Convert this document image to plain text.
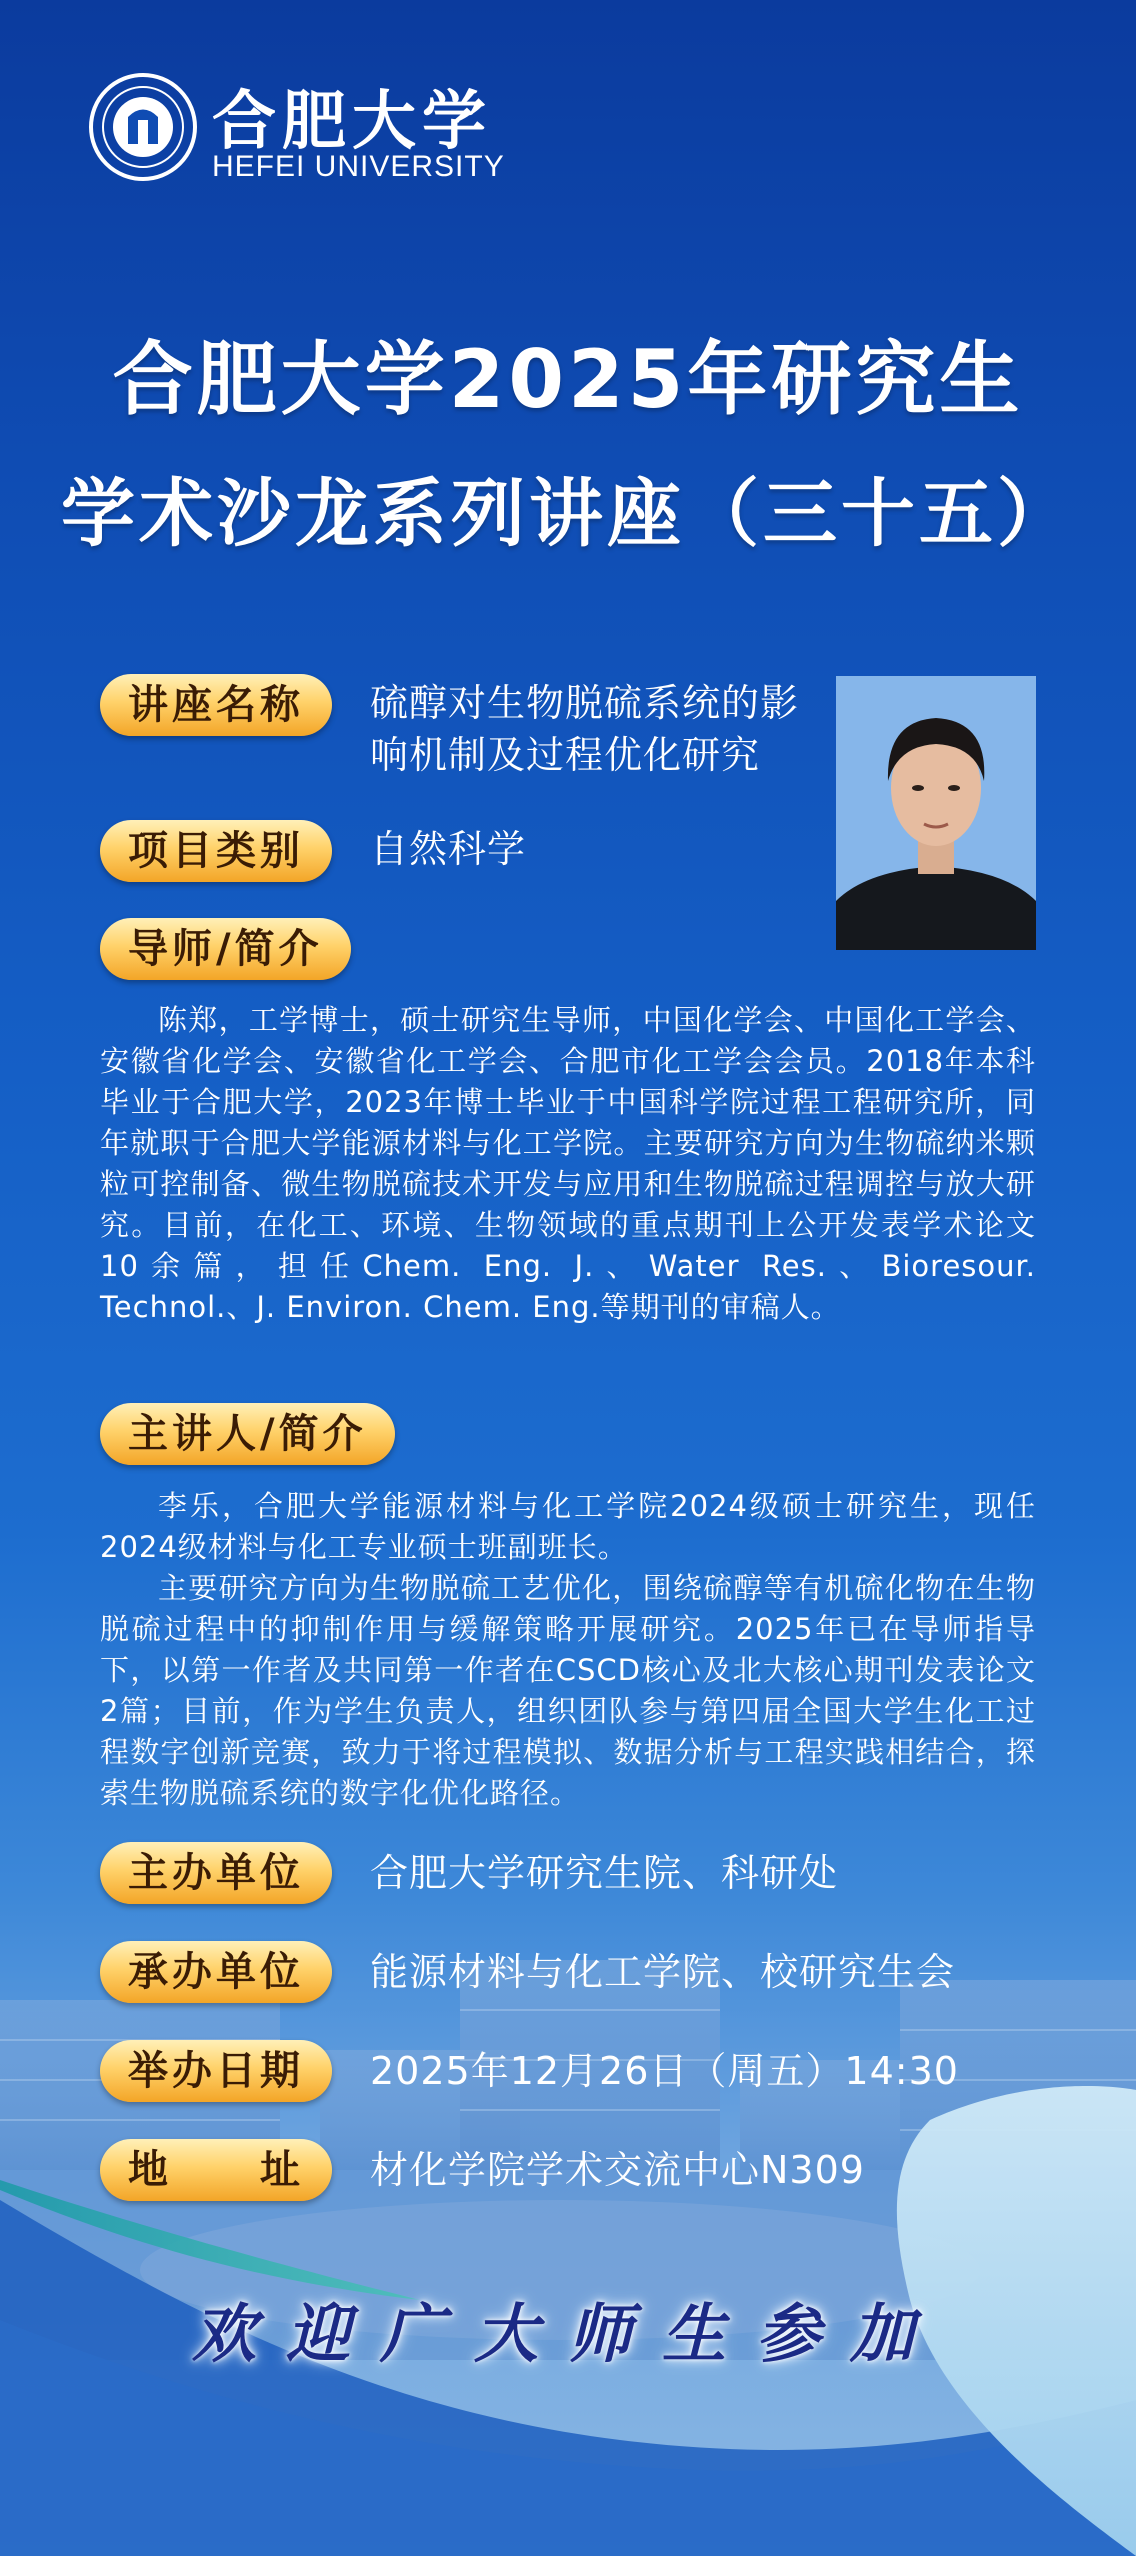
合肥大学
HEFEI UNIVERSITY
合肥大学2025年研究生
学术沙龙系列讲座（三十五）
讲座名称	硫醇对生物脱硫系统的影
响机制及过程优化研究
项目类别	自然科学
导师/简介
陈郑，工学博士，硕士研究生导师，中国化学会、中国化工学会、安徽省化学会、安徽省化工学会、合肥市化工学会会员。2018年本科毕业于合肥大学，2023年博士毕业于中国科学院过程工程研究所，同年就职于合肥大学能源材料与化工学院。主要研究方向为生物硫纳米颗粒可控制备、微生物脱硫技术开发与应用和生物脱硫过程调控与放大研究。目前，在化工、环境、生物领域的重点期刊上公开发表学术论文10余篇，担任Chem. Eng. J.、Water Res.、Bioresour. Technol.、J. Environ. Chem. Eng.等期刊的审稿人。
主讲人/简介
李乐，合肥大学能源材料与化工学院2024级硕士研究生，现任2024级材料与化工专业硕士班副班长。
主要研究方向为生物脱硫工艺优化，围绕硫醇等有机硫化物在生物脱硫过程中的抑制作用与缓解策略开展研究。2025年已在导师指导下，以第一作者及共同第一作者在CSCD核心及北大核心期刊发表论文2篇；目前，作为学生负责人，组织团队参与第四届全国大学生化工过程数字创新竞赛，致力于将过程模拟、数据分析与工程实践相结合，探索生物脱硫系统的数字化优化路径。
主办单位	合肥大学研究生院、科研处
承办单位	能源材料与化工学院、校研究生会
举办日期	2025年12月26日（周五）14:30
地　　址	材化学院学术交流中心N309
欢迎广大师生参加
